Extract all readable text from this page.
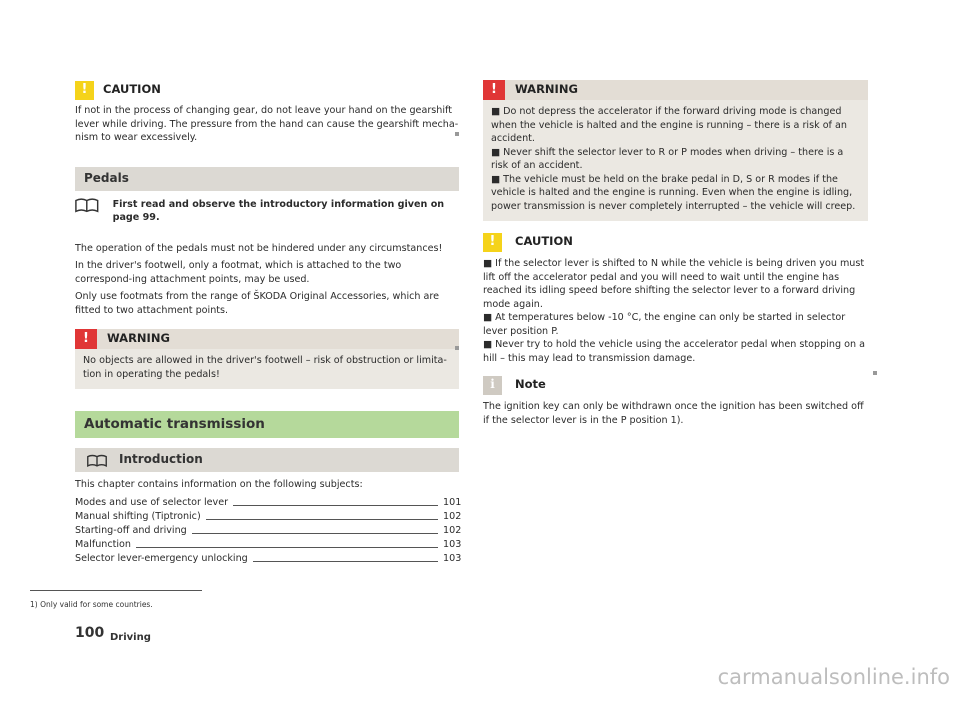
!	CAUTION

If not in the process of changing gear, do not leave your hand on the gearshift lever while driving. The pressure from the hand can cause the gearshift mecha-nism to wear excessively.

Pedals

First read and observe the introductory information given on page 99.

The operation of the pedals must not be hindered under any circumstances!

In the driver's footwell, only a footmat, which is attached to the two correspond-ing attachment points, may be used.

Only use footmats from the range of ŠKODA Original Accessories, which are fitted to two attachment points.

!	WARNING

No objects are allowed in the driver's footwell – risk of obstruction or limita-tion in operating the pedals!

Automatic transmission
Introduction

This chapter contains information on the following subjects:

Modes and use of selector lever	101
Manual shifting (Tiptronic)	102
Starting-off and driving	102
Malfunction	103
Selector lever-emergency unlocking	103
!	WARNING

■ Do not depress the accelerator if the forward driving mode is changed when the vehicle is halted and the engine is running – there is a risk of an accident.

■ Never shift the selector lever to R or P modes when driving – there is a risk of an accident.

■ The vehicle must be held on the brake pedal in D, S or R modes if the vehicle is halted and the engine is running. Even when the engine is idling, power transmission is never completely interrupted – the vehicle will creep.

!	CAUTION

■ If the selector lever is shifted to N while the vehicle is being driven you must lift off the accelerator pedal and you will need to wait until the engine has reached its idling speed before shifting the selector lever to a forward driving mode again.

■ At temperatures below -10 °C, the engine can only be started in selector lever position P.

■ Never try to hold the vehicle using the accelerator pedal when stopping on a hill – this may lead to transmission damage.

i	Note

The ignition key can only be withdrawn once the ignition has been switched off if the selector lever is in the P position 1).

1) Only valid for some countries.
100 Driving
carmanualsonline.info
